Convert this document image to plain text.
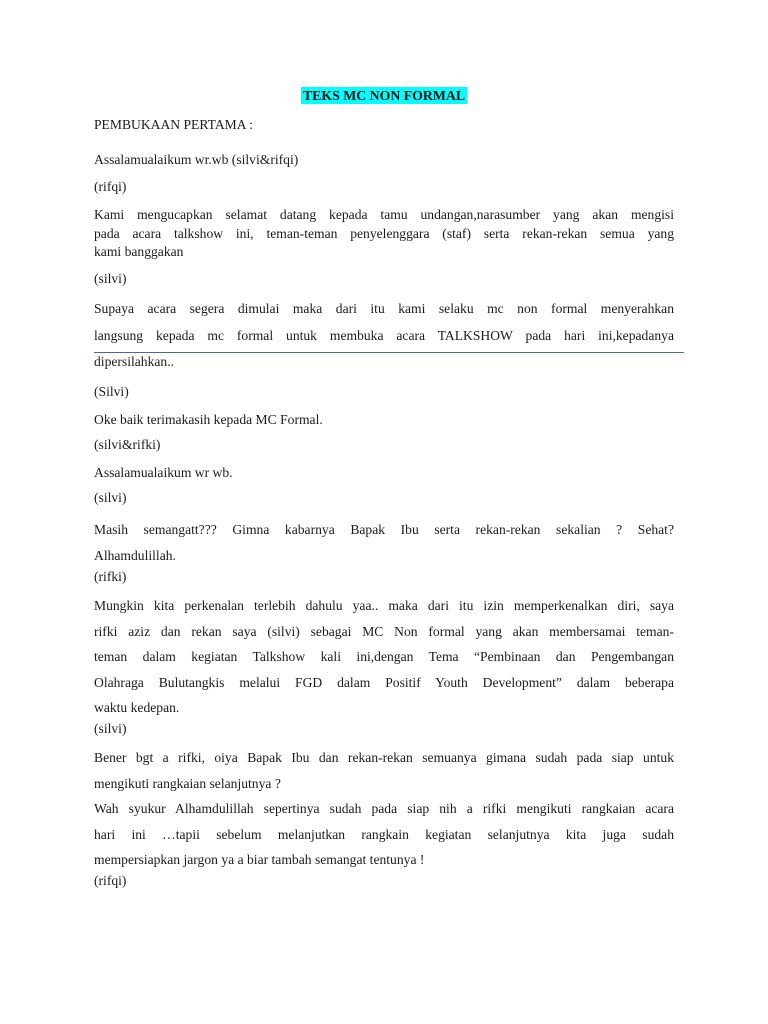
TEKS MC NON FORMAL
PEMBUKAAN PERTAMA :
Assalamualaikum wr.wb (silvi&rifqi)
(rifqi)
Kami mengucapkan selamat datang kepada tamu undangan,narasumber yang akan mengisi
pada acara talkshow ini, teman-teman penyelenggara (staf) serta rekan-rekan semua yang
kami banggakan
(silvi)
Supaya acara segera dimulai maka dari itu kami selaku mc non formal menyerahkan
langsung kepada mc formal untuk membuka acara TALKSHOW pada hari ini,kepadanya
dipersilahkan..
(Silvi)
Oke baik terimakasih kepada MC Formal.
(silvi&rifki)
Assalamualaikum wr wb.
(silvi)
Masih semangatt??? Gimna kabarnya Bapak Ibu serta rekan-rekan sekalian ? Sehat?
Alhamdulillah.
(rifki)
Mungkin kita perkenalan terlebih dahulu yaa.. maka dari itu izin memperkenalkan diri, saya
rifki aziz dan rekan saya (silvi) sebagai MC Non formal yang akan membersamai teman-
teman dalam kegiatan Talkshow kali ini,dengan Tema “Pembinaan dan Pengembangan
Olahraga Bulutangkis melalui FGD dalam Positif Youth Development” dalam beberapa
waktu kedepan.
(silvi)
Bener bgt a rifki, oiya Bapak Ibu dan rekan-rekan semuanya gimana sudah pada siap untuk
mengikuti rangkaian selanjutnya ?
Wah syukur Alhamdulillah sepertinya sudah pada siap nih a rifki mengikuti rangkaian acara
hari ini …tapii sebelum melanjutkan rangkain kegiatan selanjutnya kita juga sudah
mempersiapkan jargon ya a biar tambah semangat tentunya !
(rifqi)
